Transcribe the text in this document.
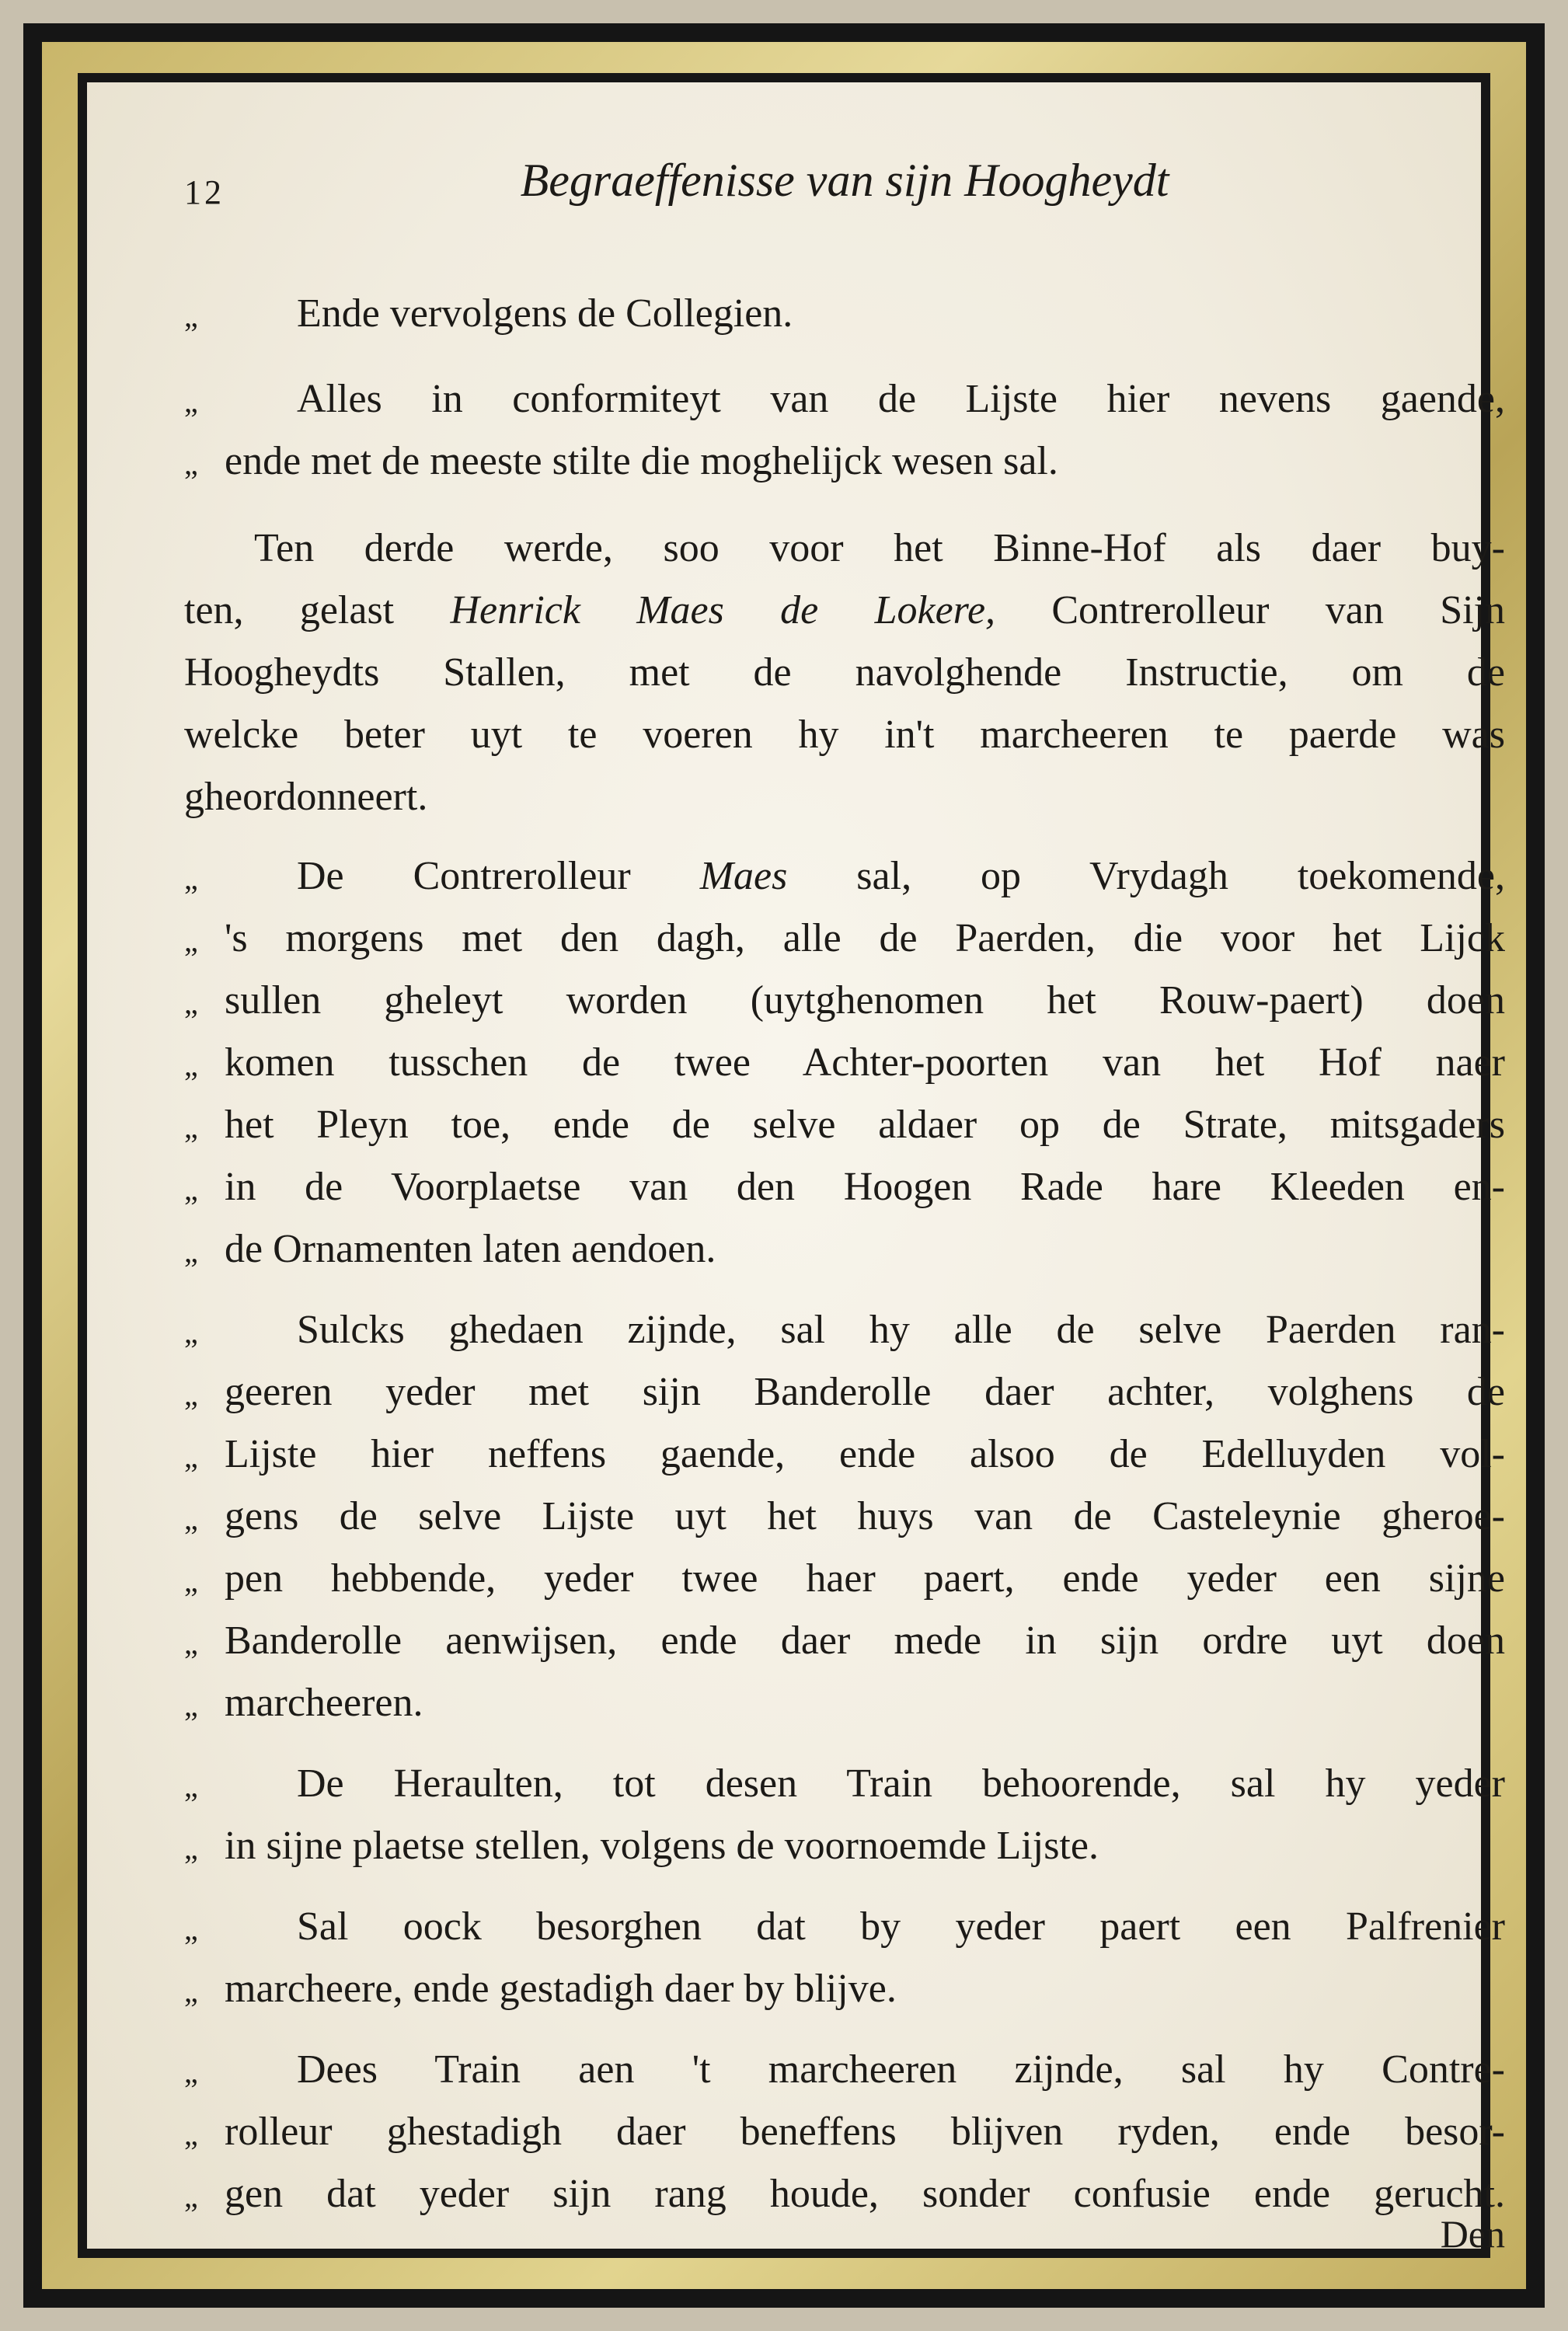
12	Begraeffenisse van sijn Hoogheydt
„	Ende vervolgens de Collegien.
„	Alles in conformiteyt van de Lijste hier nevens gaende,
„ ende met de meeste stilte die moghelijck wesen sal.
Ten derde werde, soo voor het Binne-Hof als daer buy-
ten, gelast Henrick Maes de Lokere, Contrerolleur van Sijn
Hoogheydts Stallen, met de navolghende Instructie, om de
welcke beter uyt te voeren hy in't marcheeren te paerde was
gheordonneert.
„	De Contrerolleur Maes sal, op Vrydagh toekomende,
„ 's morgens met den dagh, alle de Paerden, die voor het Lijck
„ sullen gheleyt worden (uytghenomen het Rouw-paert) doen
„ komen tusschen de twee Achter-poorten van het Hof naer
„ het Pleyn toe, ende de selve aldaer op de Strate, mitsgaders
„ in de Voorplaetse van den Hoogen Rade hare Kleeden en-
„ de Ornamenten laten aendoen.
„	Sulcks ghedaen zijnde, sal hy alle de selve Paerden ran-
„ geeren yeder met sijn Banderolle daer achter, volghens de
„ Lijste hier neffens gaende, ende alsoo de Edelluyden vol-
„ gens de selve Lijste uyt het huys van de Casteleynie gheroe-
„ pen hebbende, yeder twee haer paert, ende yeder een sijne
„ Banderolle aenwijsen, ende daer mede in sijn ordre uyt doen
„ marcheeren.
„	De Heraulten, tot desen Train behoorende, sal hy yeder
„ in sijne plaetse stellen, volgens de voornoemde Lijste.
„	Sal oock besorghen dat by yeder paert een Palfrenier
„ marcheere, ende gestadigh daer by blijve.
„	Dees Train aen 't marcheeren zijnde, sal hy Contre-
„ rolleur ghestadigh daer beneffens blijven ryden, ende besor-
„ gen dat yeder sijn rang houde, sonder confusie ende gerucht.
Den
